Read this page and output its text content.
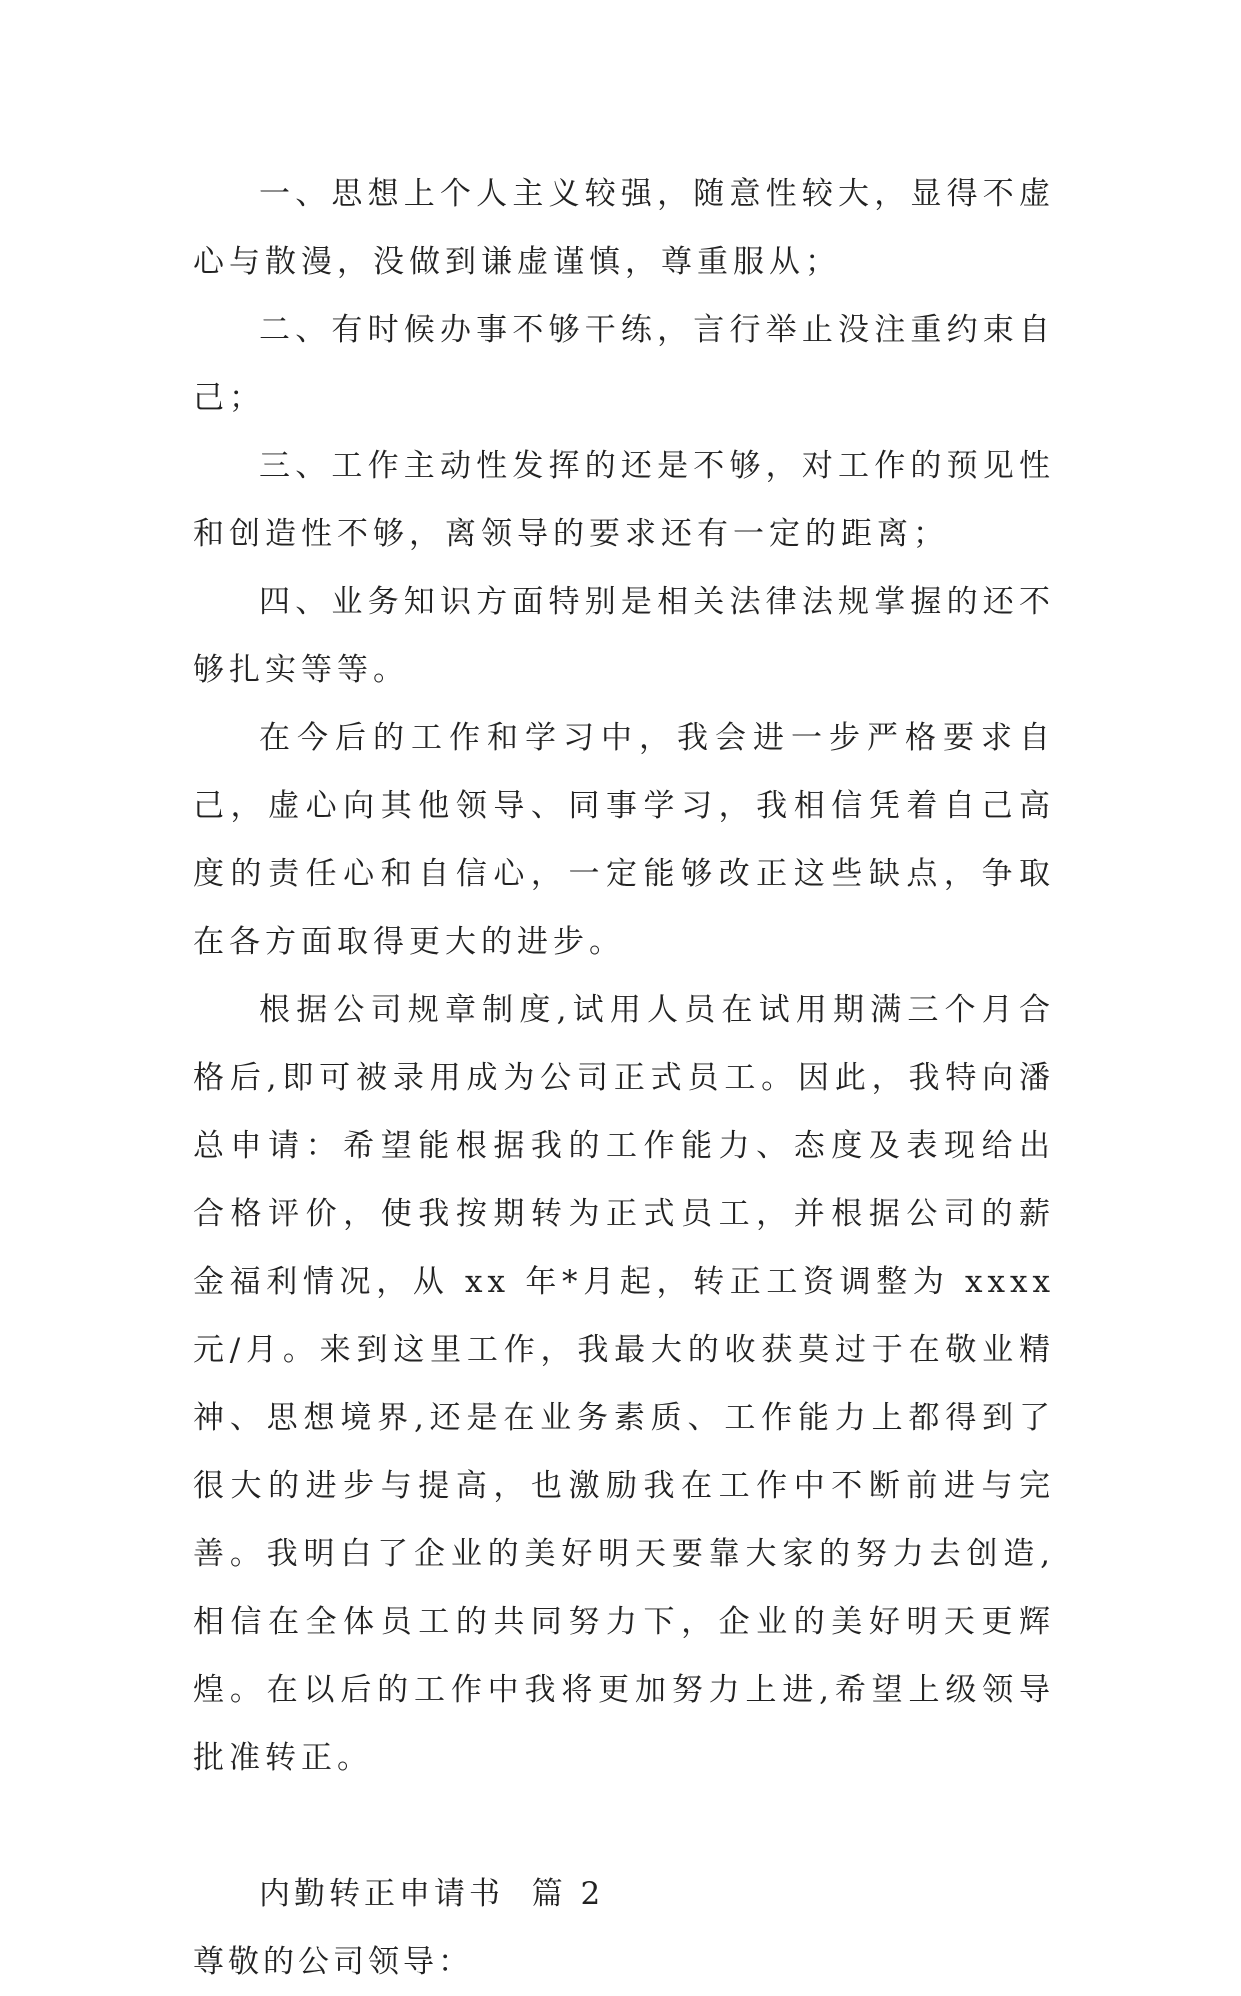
一、思想上个人主义较强，随意性较大，显得不虚心与散漫，没做到谦虚谨慎，尊重服从；

二、有时候办事不够干练，言行举止没注重约束自己；

三、工作主动性发挥的还是不够，对工作的预见性和创造性不够，离领导的要求还有一定的距离；

四、业务知识方面特别是相关法律法规掌握的还不够扎实等等。

在今后的工作和学习中，我会进一步严格要求自己，虚心向其他领导、同事学习，我相信凭着自己高度的责任心和自信心，一定能够改正这些缺点，争取在各方面取得更大的进步。

根据公司规章制度,试用人员在试用期满三个月合格后,即可被录用成为公司正式员工。因此，我特向潘总申请：希望能根据我的工作能力、态度及表现给出合格评价，使我按期转为正式员工，并根据公司的薪金福利情况，从 xx 年*月起，转正工资调整为 xxxx 元/月。来到这里工作，我最大的收获莫过于在敬业精神、思想境界,还是在业务素质、工作能力上都得到了很大的进步与提高，也激励我在工作中不断前进与完善。我明白了企业的美好明天要靠大家的努力去创造,相信在全体员工的共同努力下，企业的美好明天更辉煌。在以后的工作中我将更加努力上进,希望上级领导批准转正。

内勤转正申请书  篇 2

尊敬的公司领导：
